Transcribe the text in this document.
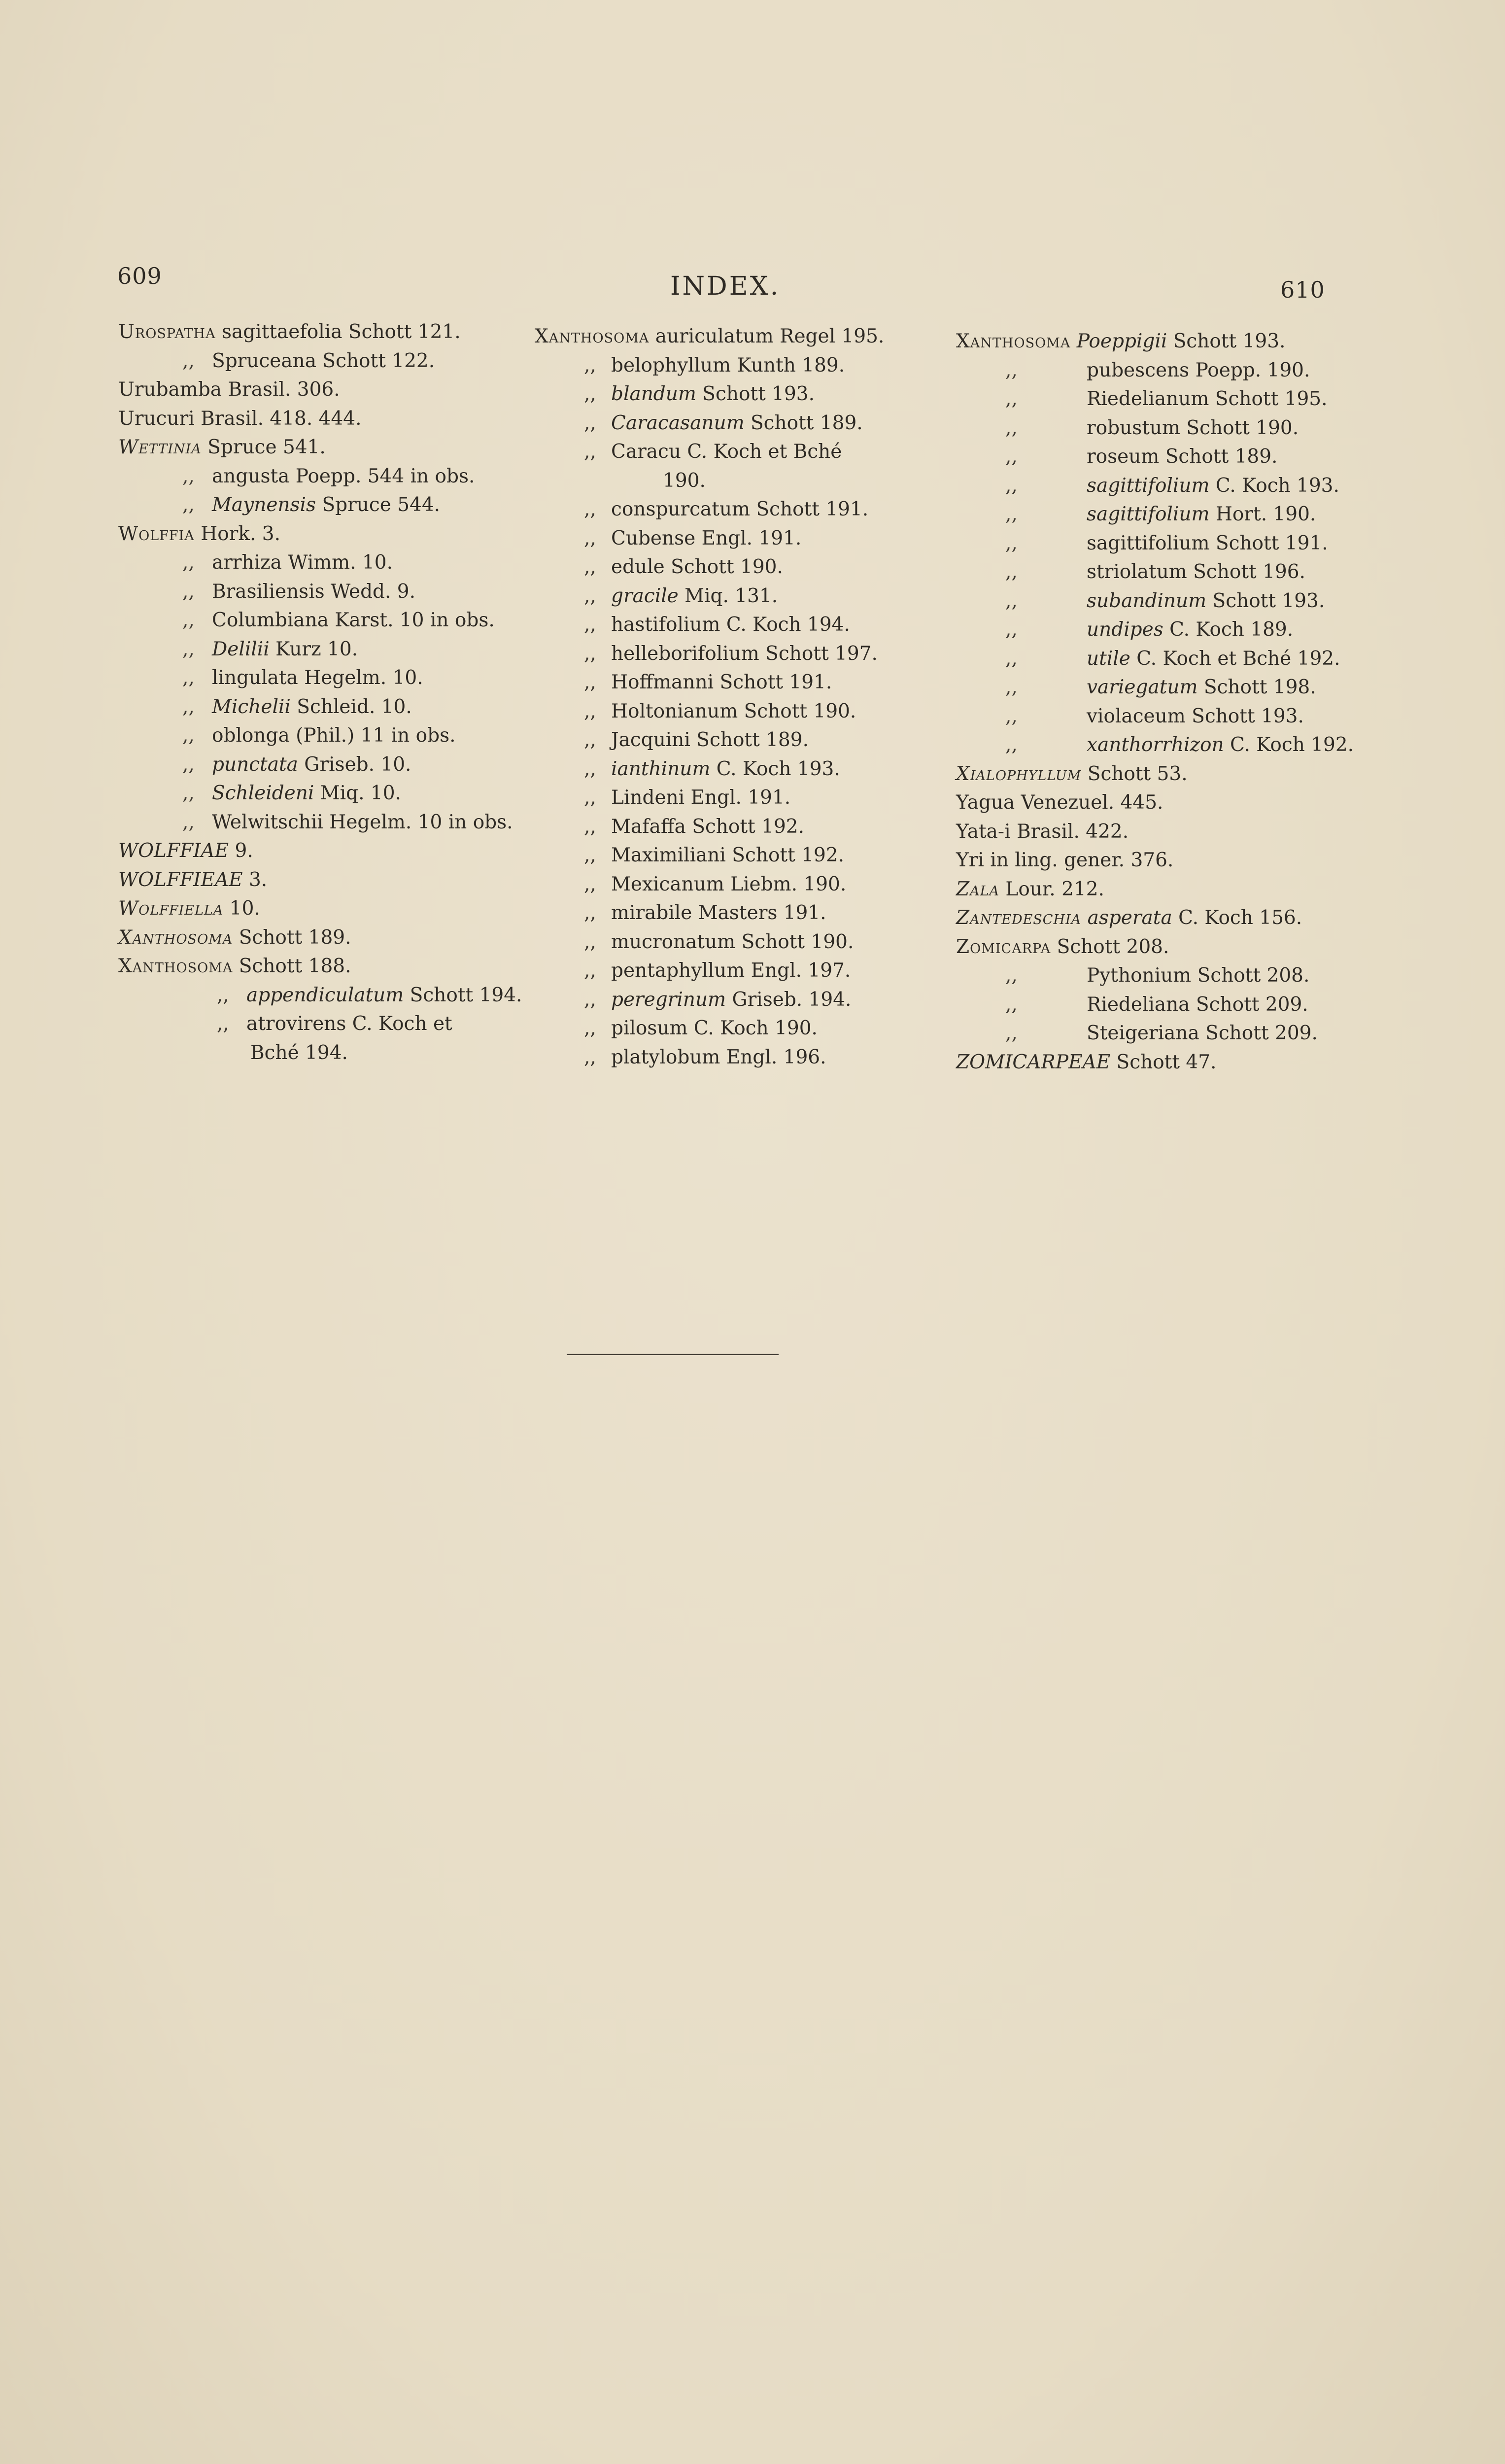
609	INDEX.	610
Urospatha sagittaefolia Schott 121.
,, Spruceana Schott 122.
Urubamba Brasil. 306.
Urucuri Brasil. 418. 444.
Wettinia Spruce 541.
,, angusta Poepp. 544 in obs.
,, Maynensis Spruce 544.
Wolffia Hork. 3.
,, arrhiza Wimm. 10.
,, Brasiliensis Wedd. 9.
,, Columbiana Karst. 10 in obs.
,, Delilii Kurz 10.
,, lingulata Hegelm. 10.
,, Michelii Schleid. 10.
,, oblonga (Phil.) 11 in obs.
,, punctata Griseb. 10.
,, Schleideni Miq. 10.
,, Welwitschii Hegelm. 10 in obs.
WOLFFIAE 9.
WOLFFIEAE 3.
Wolffiella 10.
Xanthosoma Schott 189.
Xanthosoma Schott 188.
,, appendiculatum Schott 194.
,, atrovirens C. Koch et
Bché 194.
Xanthosoma auriculatum Regel 195.
,, belophyllum Kunth 189.
,, blandum Schott 193.
,, Caracasanum Schott 189.
,, Caracu C. Koch et Bché
190.
,, conspurcatum Schott 191.
,, Cubense Engl. 191.
,, edule Schott 190.
,, gracile Miq. 131.
,, hastifolium C. Koch 194.
,, helleborifolium Schott 197.
,, Hoffmanni Schott 191.
,, Holtonianum Schott 190.
,, Jacquini Schott 189.
,, ianthinum C. Koch 193.
,, Lindeni Engl. 191.
,, Mafaffa Schott 192.
,, Maximiliani Schott 192.
,, Mexicanum Liebm. 190.
,, mirabile Masters 191.
,, mucronatum Schott 190.
,, pentaphyllum Engl. 197.
,, peregrinum Griseb. 194.
,, pilosum C. Koch 190.
,, platylobum Engl. 196.
Xanthosoma Poeppigii Schott 193.
,,	pubescens Poepp. 190.
,,	Riedelianum Schott 195.
,,	robustum Schott 190.
,,	roseum Schott 189.
,,	sagittifolium C. Koch 193.
,,	sagittifolium Hort. 190.
,,	sagittifolium Schott 191.
,,	striolatum Schott 196.
,,	subandinum Schott 193.
,,	undipes C. Koch 189.
,,	utile C. Koch et Bché 192.
,,	variegatum Schott 198.
,,	violaceum Schott 193.
,,	xanthorrhizon C. Koch 192.
Xialophyllum Schott 53.
Yagua Venezuel. 445.
Yata-i Brasil. 422.
Yri in ling. gener. 376.
Zala Lour. 212.
Zantedeschia asperata C. Koch 156.
Zomicarpa Schott 208.
,,	Pythonium Schott 208.
,,	Riedeliana Schott 209.
,,	Steigeriana Schott 209.
ZOMICARPEAE Schott 47.
